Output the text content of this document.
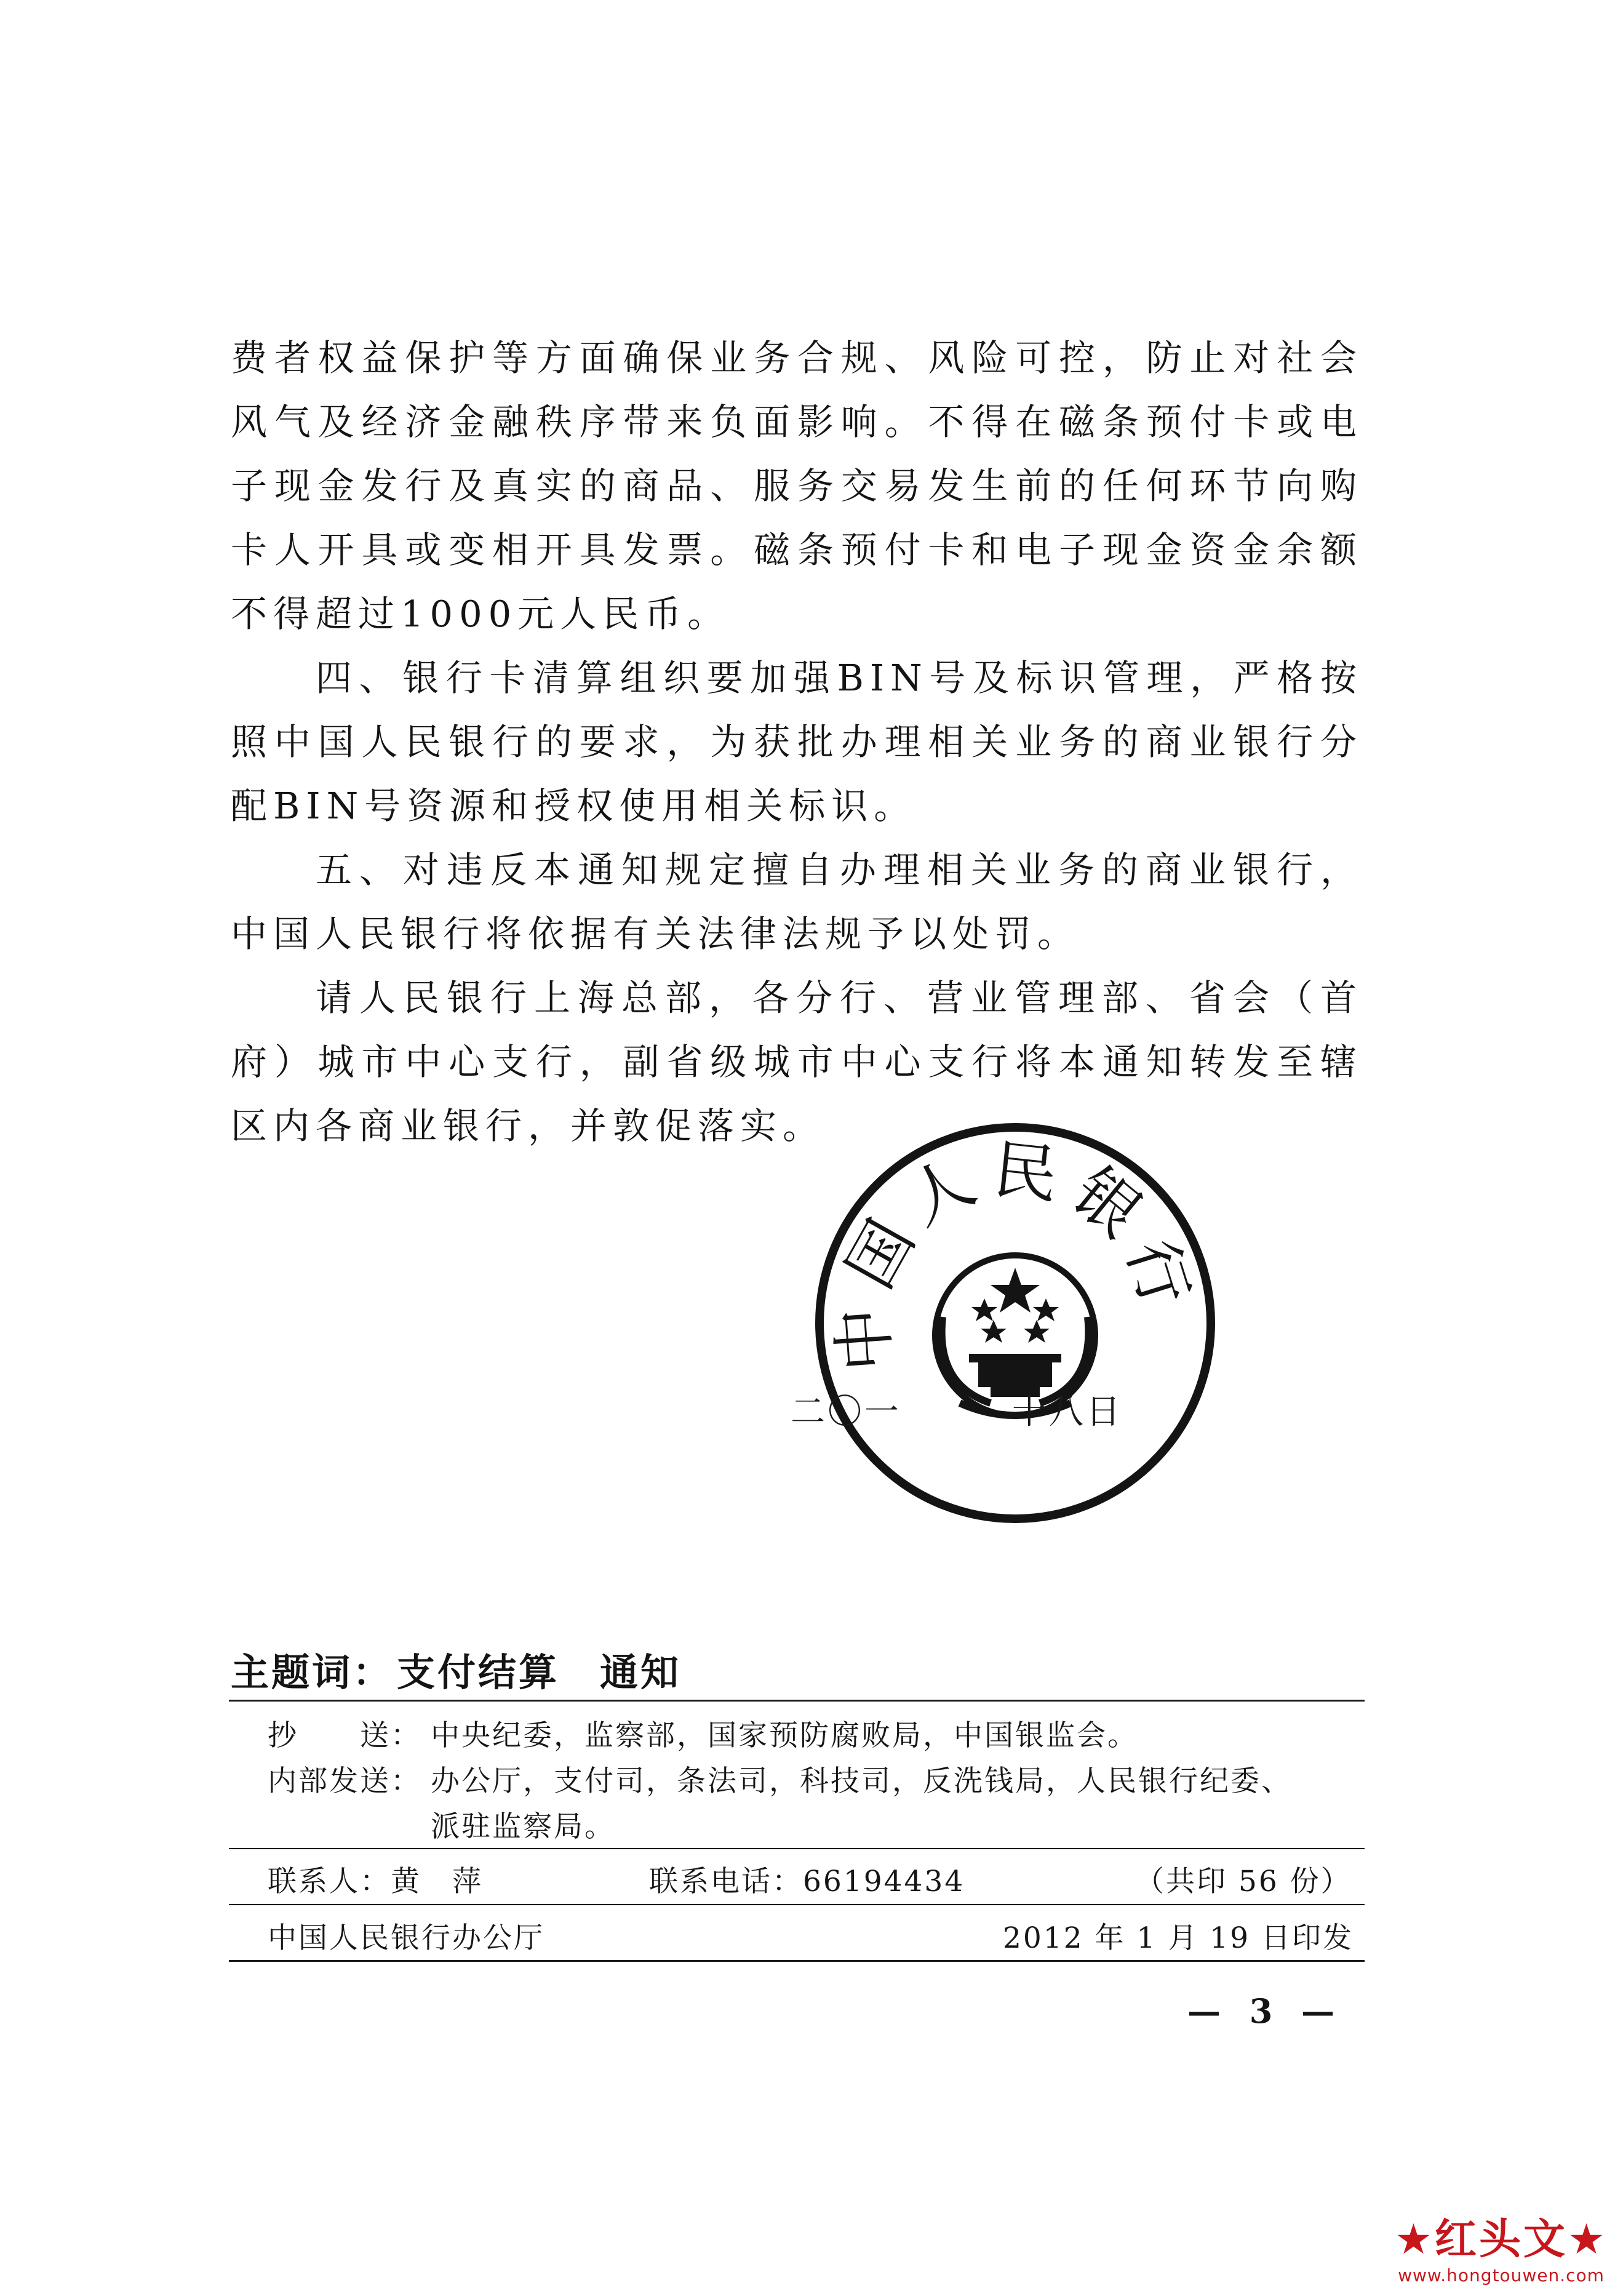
费者权益保护等方面确保业务合规、风险可控，防止对社会风气及经济金融秩序带来负面影响。不得在磁条预付卡或电子现金发行及真实的商品、服务交易发生前的任何环节向购卡人开具或变相开具发票。磁条预付卡和电子现金资金余额不得超过1000元人民币。

四、银行卡清算组织要加强BIN号及标识管理，严格按照中国人民银行的要求，为获批办理相关业务的商业银行分配BIN号资源和授权使用相关标识。

五、对违反本通知规定擅自办理相关业务的商业银行，中国人民银行将依据有关法律法规予以处罚。

请人民银行上海总部，各分行、营业管理部、省会（首府）城市中心支行，副省级城市中心支行将本通知转发至辖区内各商业银行，并敦促落实。

中国人民银行
二〇一　　　十八日
主题词：支付结算　通知
抄　　送： 中央纪委，监察部，国家预防腐败局，中国银监会。
内部发送： 办公厅，支付司，条法司，科技司，反洗钱局，人民银行纪委、
派驻监察局。
联系人：黄　萍	联系电话：66194434	（共印 56 份）
中国人民银行办公厅	2012 年 1 月 19 日印发
— 3 —
★红头文★
www.hongtouwen.com
